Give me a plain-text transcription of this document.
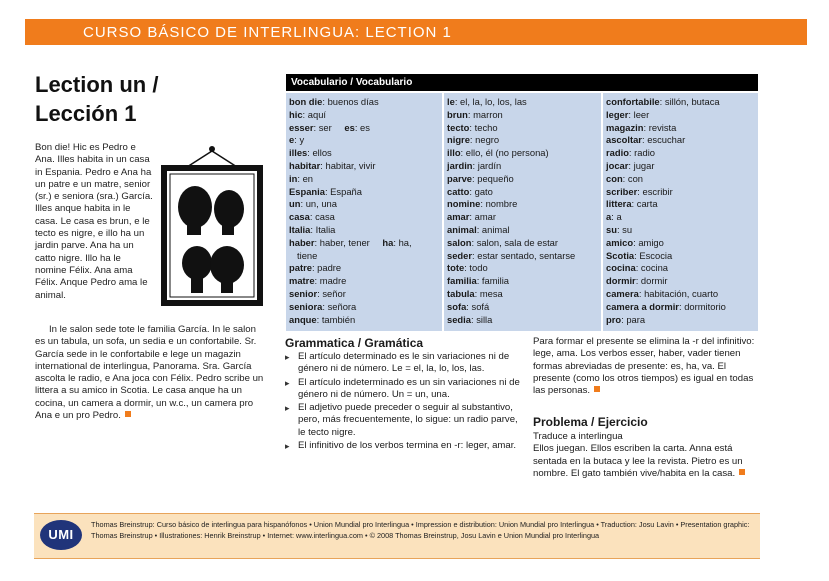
CURSO BÁSICO DE INTERLINGUA: LECTION 1
Lection un /
Lección 1
Bon die! Hic es Pedro e Ana. Illes habita in un casa in Espania. Pedro e Ana ha un patre e un matre, senior (sr.) e seniora (sra.) García. Illes anque habita in le casa. Le casa es brun, e le tecto es nigre, e illo ha un jardin parve. Ana ha un catto nigre. Illo ha le nomine Félix. Ana ama Félix. Anque Pedro ama le animal.

In le salon sede tote le familia García. In le salon es un tabula, un sofa, un sedia e un confortabile. Sr. García sede in le confortabile e lege un magazin international de interlingua, Panorama. Sra. García ascolta le radio, e Ana joca con Félix. Pedro scribe un littera a su amico in Scotia. Le casa anque ha un cocina, un camera a dormir, un w.c., un camera pro Ana e un pro Pedro.

Vocabulario / Vocabulario
bon die: buenos días
hic: aquí
esser: ser es: es
e: y
illes: ellos
habitar: habitar, vivir
in: en
Espania: España
un: un, una
casa: casa
Italia: Italia
haber: haber, tener ha: ha,
tiene
patre: padre
matre: madre
senior: señor
seniora: señora
anque: también
le: el, la, lo, los, las
brun: marron
tecto: techo
nigre: negro
illo: ello, él (no persona)
jardin: jardín
parve: pequeño
catto: gato
nomine: nombre
amar: amar
animal: animal
salon: salon, sala de estar
seder: estar sentado, sentarse
tote: todo
familia: familia
tabula: mesa
sofa: sofá
sedia: silla
confortabile: sillón, butaca
leger: leer
magazin: revista
ascoltar: escuchar
radio: radio
jocar: jugar
con: con
scriber: escribir
littera: carta
a: a
su: su
amico: amigo
Scotia: Escocia
cocina: cocina
dormir: dormir
camera: habitación, cuarto
camera a dormir: dormitorio
pro: para
Grammatica / Gramática
▸ El artículo determinado es le sin variaciones ni de género ni de número. Le = el, la, lo, los, las.
▸ El artículo indeterminado es un sin variaciones ni de género ni de número. Un = un, una.
▸ El adjetivo puede preceder o seguir al substantivo, pero, más frecuentemente, lo sigue: un radio parve, le tecto nigre.
▸ El infinitivo de los verbos termina en -r: leger, amar.
Para formar el presente se elimina la -r del infinitivo: lege, ama. Los verbos esser, haber, vader tienen formas abreviadas de presente: es, ha, va. El presente (como los otros tiempos) es igual en todas las personas.
Problema / Ejercicio
Traduce a interlingua
Ellos juegan. Ellos escriben la carta. Anna está sentada en la butaca y lee la revista. Pietro es un nombre. El gato también vive/habita en la casa.
UMI
Thomas Breinstrup: Curso básico de interlingua para hispanófonos • Union Mundial pro Interlingua • Impression e distribution: Union Mundial pro Interlingua • Traduction: Josu Lavin • Presentation graphic: Thomas Breinstrup • Illustrationes: Henrik Breinstrup • Internet: www.interlingua.com • © 2008 Thomas Breinstrup, Josu Lavin e Union Mundial pro Interlingua
